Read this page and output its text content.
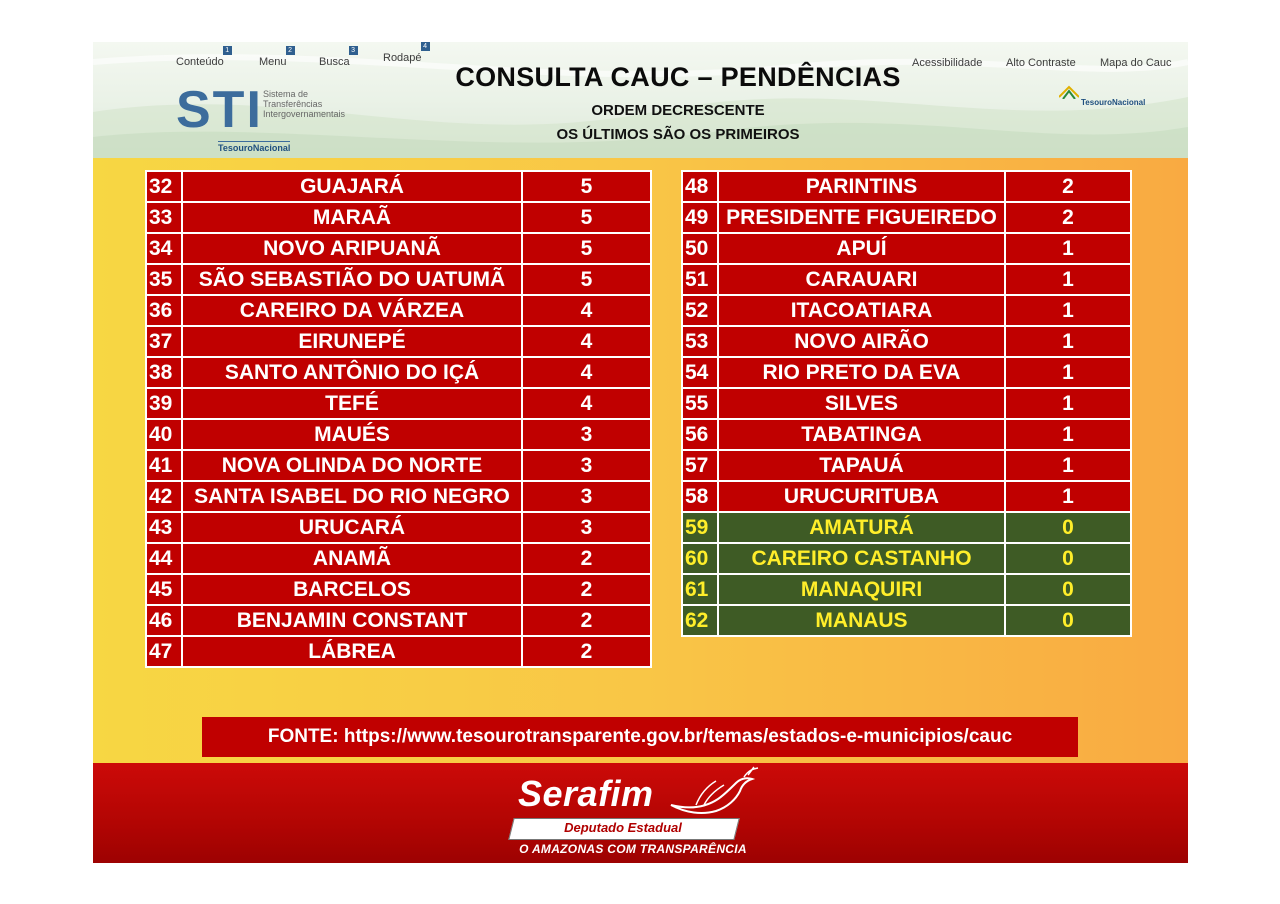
Conteúdo
1
Menu
2
Busca
3
Rodapé
4
Acessibilidade Alto Contraste Mapa do Cauc
STI Sistema de
Transferências
Intergovernamentais
TesouroNacional
TesouroNacional
CONSULTA CAUC – PENDÊNCIAS
ORDEM DECRESCENTE
OS ÚLTIMOS SÃO OS PRIMEIROS
32	GUAJARÁ	5
33	MARAÃ	5
34	NOVO ARIPUANÃ	5
35	SÃO SEBASTIÃO DO UATUMÃ	5
36	CAREIRO DA VÁRZEA	4
37	EIRUNEPÉ	4
38	SANTO ANTÔNIO DO IÇÁ	4
39	TEFÉ	4
40	MAUÉS	3
41	NOVA OLINDA DO NORTE	3
42	SANTA ISABEL DO RIO NEGRO	3
43	URUCARÁ	3
44	ANAMÃ	2
45	BARCELOS	2
46	BENJAMIN CONSTANT	2
47	LÁBREA	2
48	PARINTINS	2
49	PRESIDENTE FIGUEIREDO	2
50	APUÍ	1
51	CARAUARI	1
52	ITACOATIARA	1
53	NOVO AIRÃO	1
54	RIO PRETO DA EVA	1
55	SILVES	1
56	TABATINGA	1
57	TAPAUÁ	1
58	URUCURITUBA	1
59	AMATURÁ	0
60	CAREIRO CASTANHO	0
61	MANAQUIRI	0
62	MANAUS	0
FONTE: https://www.tesourotransparente.gov.br/temas/estados-e-municipios/cauc
Serafim
Deputado Estadual
O AMAZONAS COM TRANSPARÊNCIA
